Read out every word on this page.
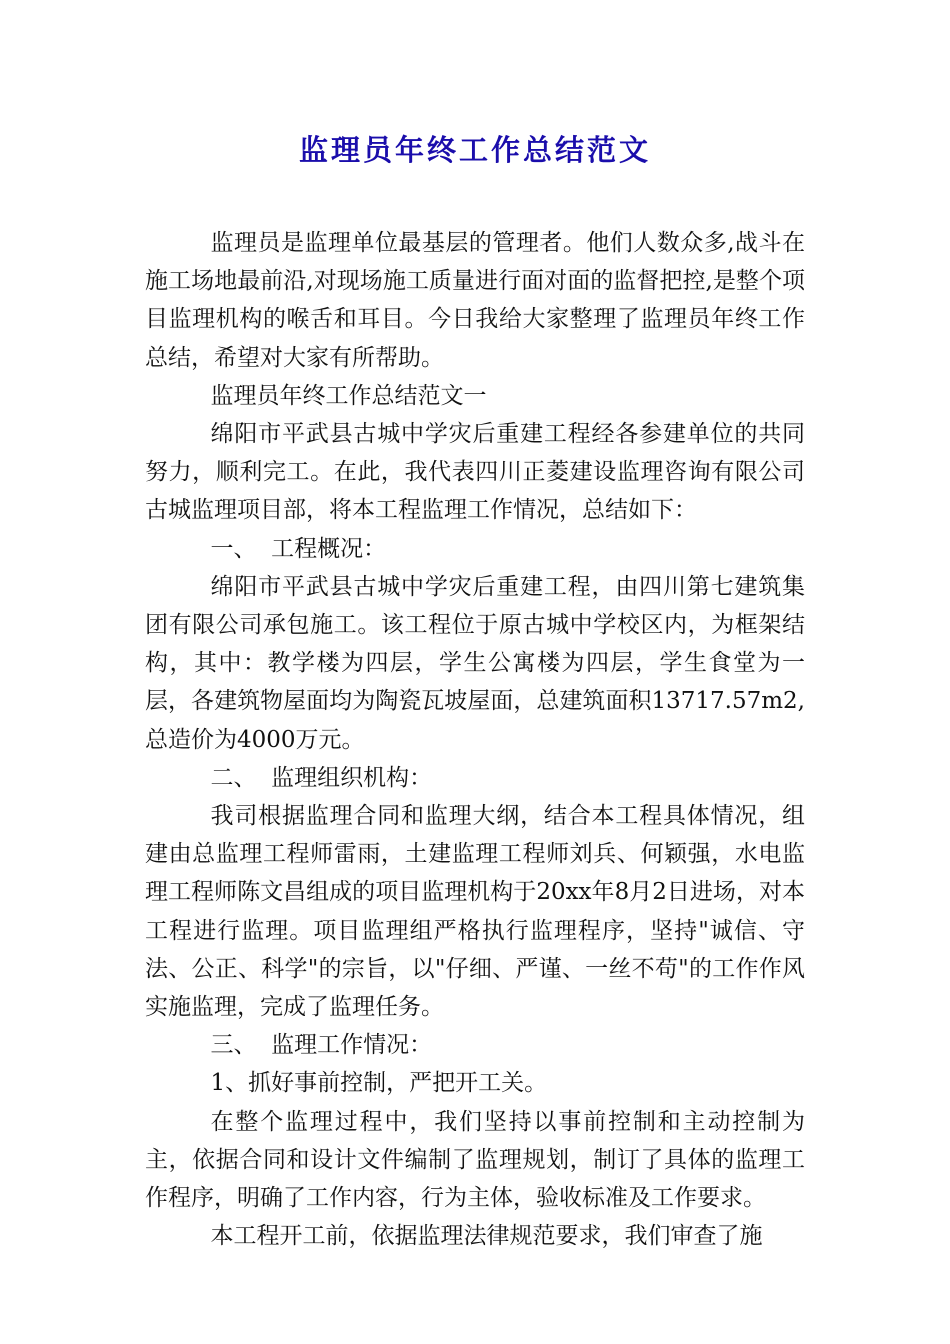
监理员年终工作总结范文

监理员是监理单位最基层的管理者。他们人数众多,战斗在施工场地最前沿,对现场施工质量进行面对面的监督把控,是整个项目监理机构的喉舌和耳目。今日我给大家整理了监理员年终工作总结，希望对大家有所帮助。

监理员年终工作总结范文一

绵阳市平武县古城中学灾后重建工程经各参建单位的共同努力，顺利完工。在此，我代表四川正菱建设监理咨询有限公司古城监理项目部，将本工程监理工作情况，总结如下：

一、  工程概况：

绵阳市平武县古城中学灾后重建工程，由四川第七建筑集团有限公司承包施工。该工程位于原古城中学校区内，为框架结构，其中：教学楼为四层，学生公寓楼为四层，学生食堂为一层，各建筑物屋面均为陶瓷瓦坡屋面，总建筑面积13717.57m2,总造价为4000万元。

二、  监理组织机构：

我司根据监理合同和监理大纲，结合本工程具体情况，组建由总监理工程师雷雨，土建监理工程师刘兵、何颖强，水电监理工程师陈文昌组成的项目监理机构于20xx年8月2日进场，对本工程进行监理。项目监理组严格执行监理程序，坚持"诚信、守法、公正、科学"的宗旨，以"仔细、严谨、一丝不苟"的工作作风实施监理，完成了监理任务。

三、  监理工作情况：

1、抓好事前控制，严把开工关。

在整个监理过程中，我们坚持以事前控制和主动控制为主，依据合同和设计文件编制了监理规划，制订了具体的监理工作程序，明确了工作内容，行为主体，验收标准及工作要求。

本工程开工前，依据监理法律规范要求，我们审查了施
